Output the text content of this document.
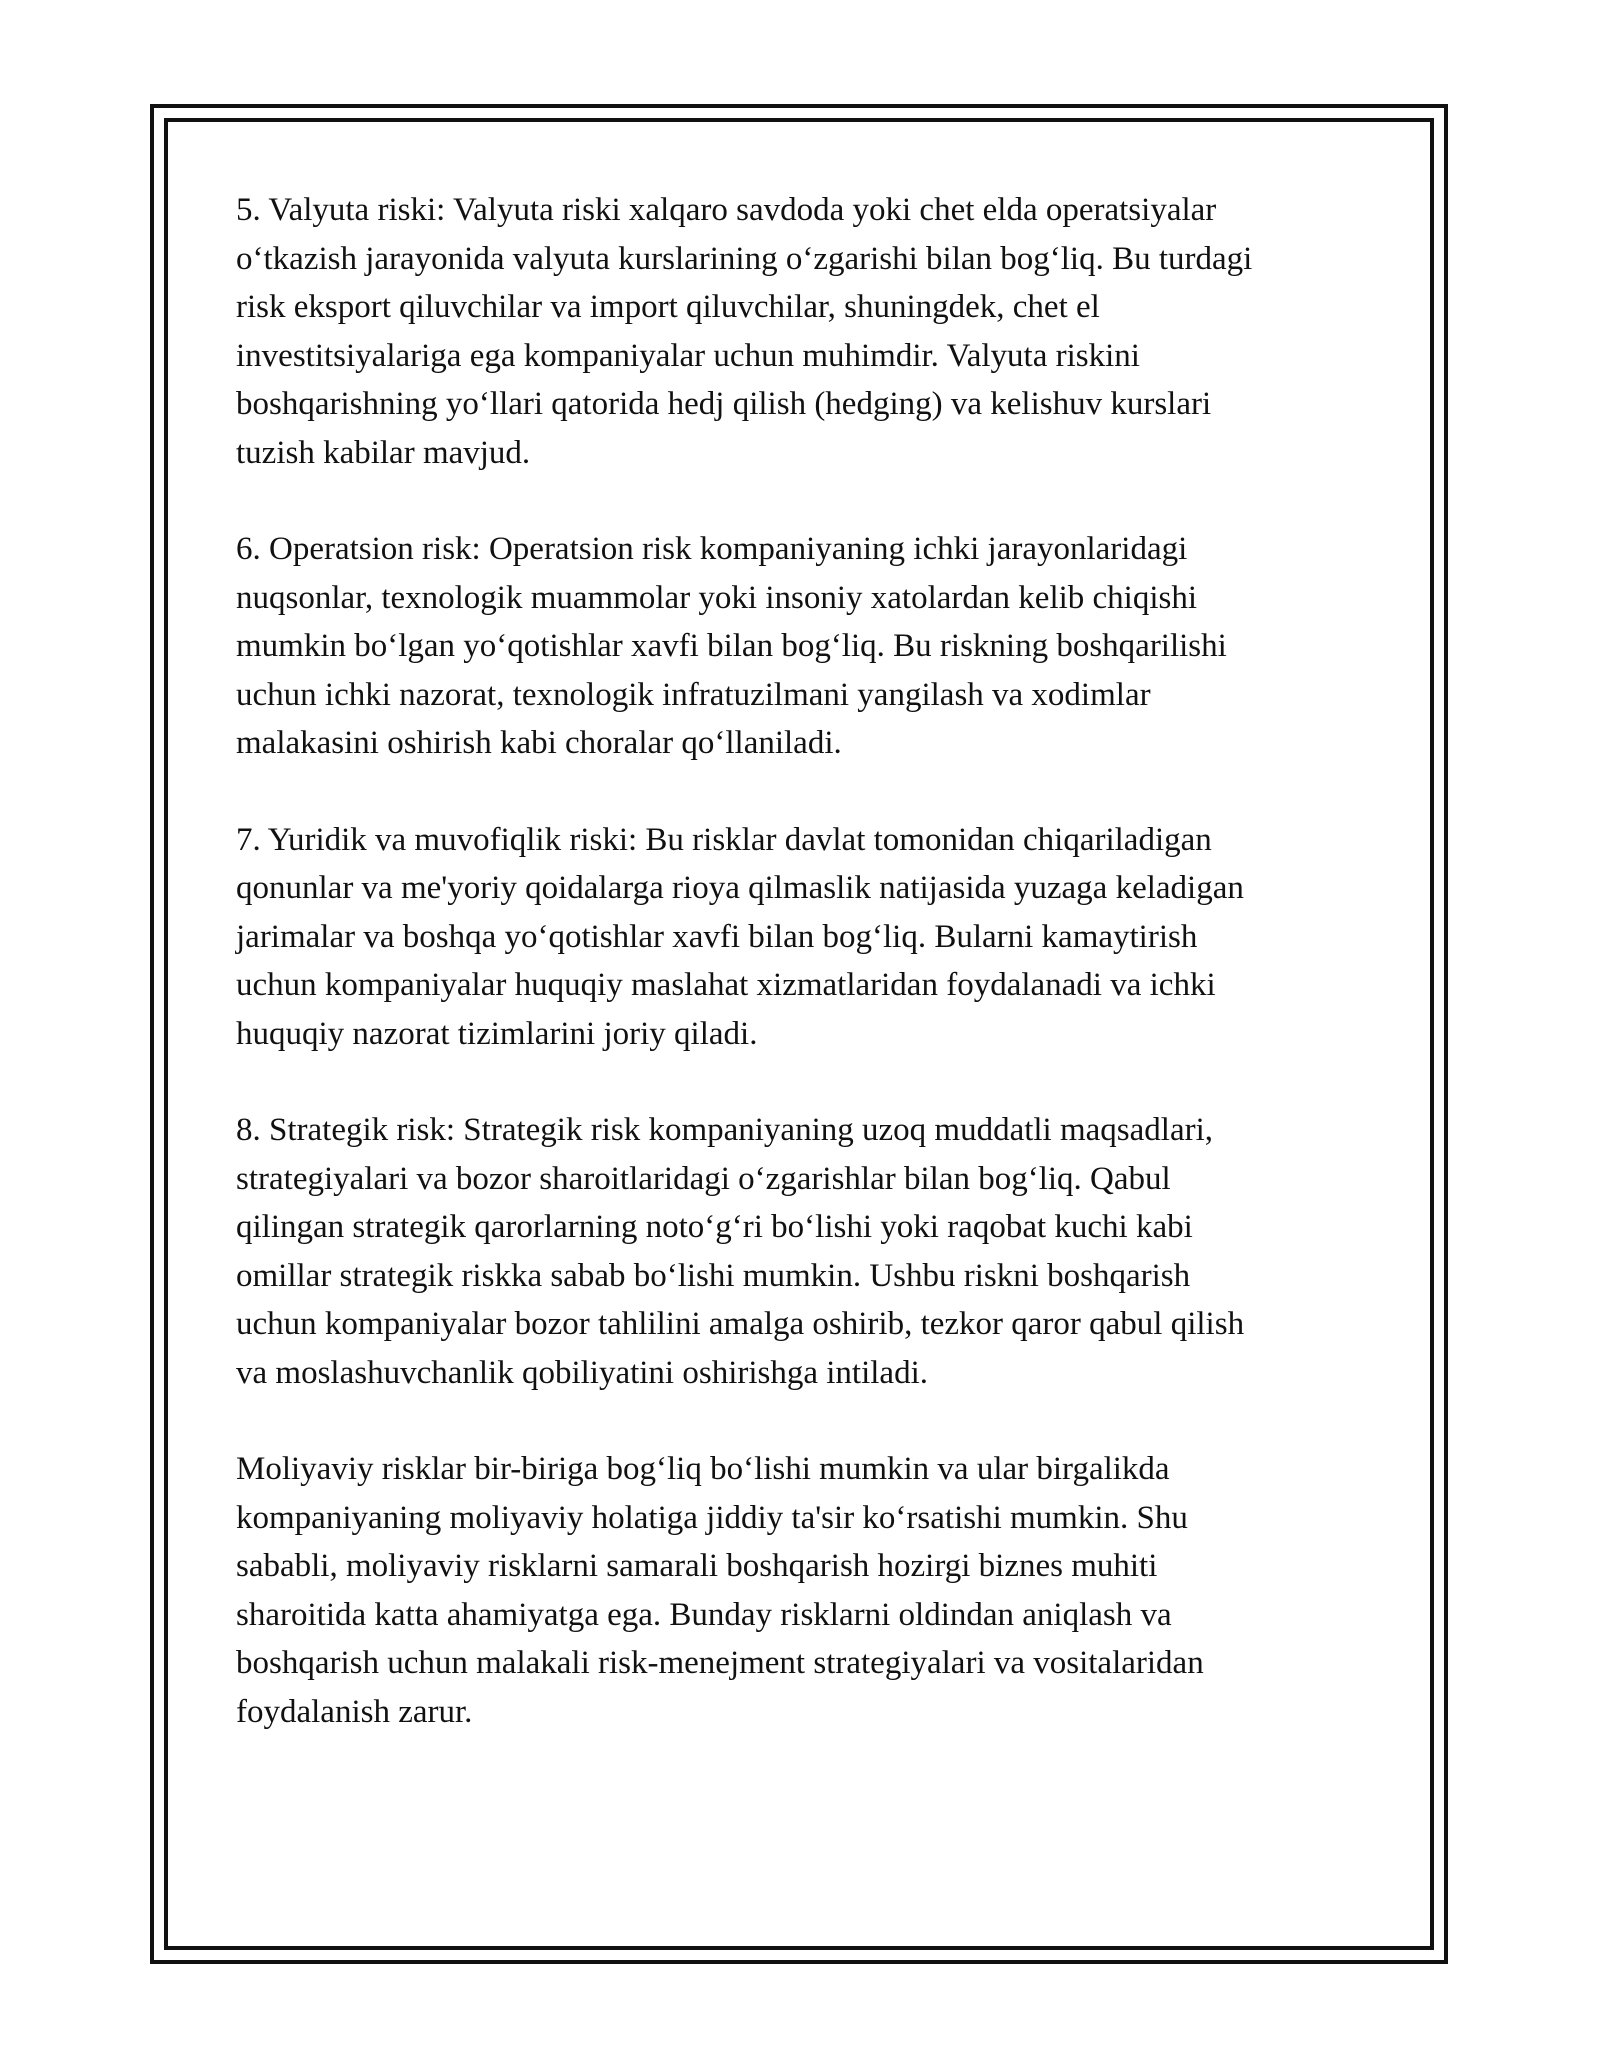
5. Valyuta riski: Valyuta riski xalqaro savdoda yoki chet elda operatsiyalar
o‘tkazish jarayonida valyuta kurslarining o‘zgarishi bilan bog‘liq. Bu turdagi
risk eksport qiluvchilar va import qiluvchilar, shuningdek, chet el
investitsiyalariga ega kompaniyalar uchun muhimdir. Valyuta riskini
boshqarishning yo‘llari qatorida hedj qilish (hedging) va kelishuv kurslari
tuzish kabilar mavjud.

6. Operatsion risk: Operatsion risk kompaniyaning ichki jarayonlaridagi
nuqsonlar, texnologik muammolar yoki insoniy xatolardan kelib chiqishi
mumkin bo‘lgan yo‘qotishlar xavfi bilan bog‘liq. Bu riskning boshqarilishi
uchun ichki nazorat, texnologik infratuzilmani yangilash va xodimlar
malakasini oshirish kabi choralar qo‘llaniladi.

7. Yuridik va muvofiqlik riski: Bu risklar davlat tomonidan chiqariladigan
qonunlar va me'yoriy qoidalarga rioya qilmaslik natijasida yuzaga keladigan
jarimalar va boshqa yo‘qotishlar xavfi bilan bog‘liq. Bularni kamaytirish
uchun kompaniyalar huquqiy maslahat xizmatlaridan foydalanadi va ichki
huquqiy nazorat tizimlarini joriy qiladi.

8. Strategik risk: Strategik risk kompaniyaning uzoq muddatli maqsadlari,
strategiyalari va bozor sharoitlaridagi o‘zgarishlar bilan bog‘liq. Qabul
qilingan strategik qarorlarning noto‘g‘ri bo‘lishi yoki raqobat kuchi kabi
omillar strategik riskka sabab bo‘lishi mumkin. Ushbu riskni boshqarish
uchun kompaniyalar bozor tahlilini amalga oshirib, tezkor qaror qabul qilish
va moslashuvchanlik qobiliyatini oshirishga intiladi.

Moliyaviy risklar bir-biriga bog‘liq bo‘lishi mumkin va ular birgalikda
kompaniyaning moliyaviy holatiga jiddiy ta'sir ko‘rsatishi mumkin. Shu
sababli, moliyaviy risklarni samarali boshqarish hozirgi biznes muhiti
sharoitida katta ahamiyatga ega. Bunday risklarni oldindan aniqlash va
boshqarish uchun malakali risk-menejment strategiyalari va vositalaridan
foydalanish zarur.
